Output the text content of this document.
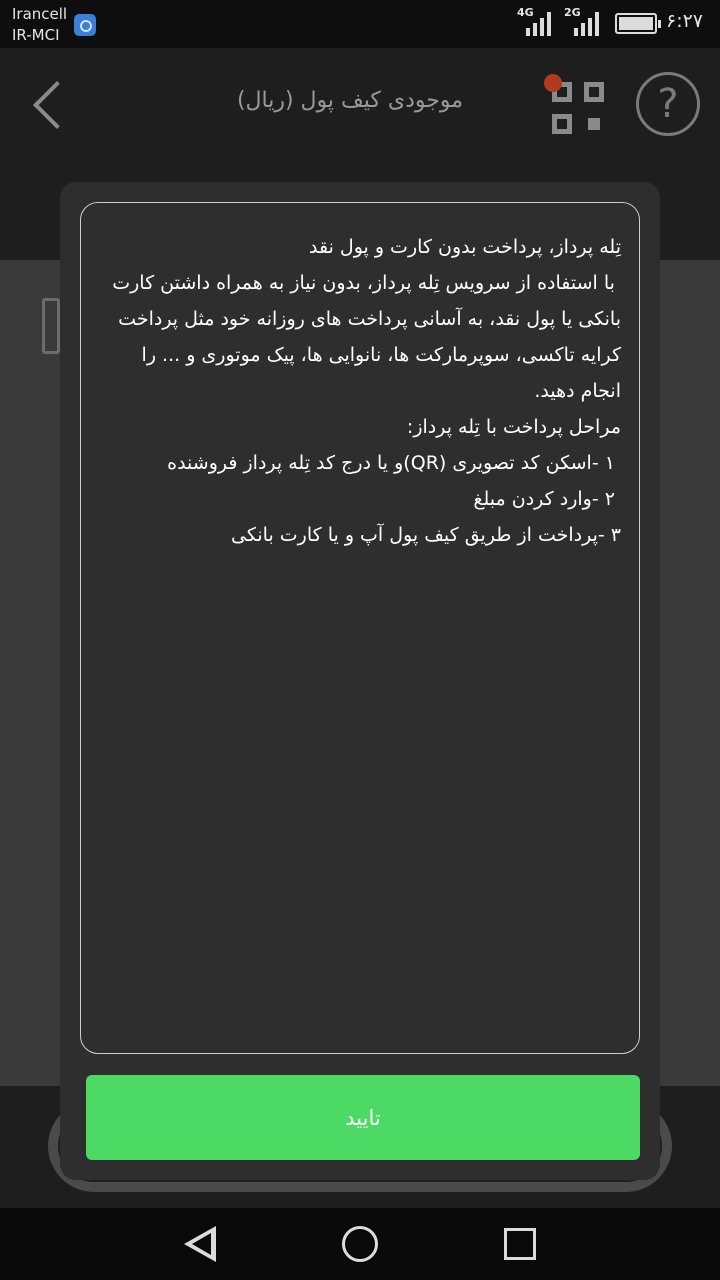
Irancell
IR-MCI
4G	2G	۶:۲۷
موجودی کیف پول (ریال)	?
تِله پرداز، پرداخت بدون کارت و پول نقد
با استفاده از سرویس تِله پرداز، بدون نیاز به همراه داشتن کارت بانکی یا پول نقد، به آسانی پرداخت های روزانه خود مثل پرداخت کرایه تاکسی، سوپرمارکت ها، نانوایی ها، پیک موتوری و ... را انجام دهید.
مراحل پرداخت با تِله پرداز:
۱ -اسکن کد تصویری (QR)و یا درج کد تِله پرداز فروشنده
۲ -وارد کردن مبلغ
۳ -پرداخت از طریق کیف پول آپ و یا کارت بانکی
تایید
